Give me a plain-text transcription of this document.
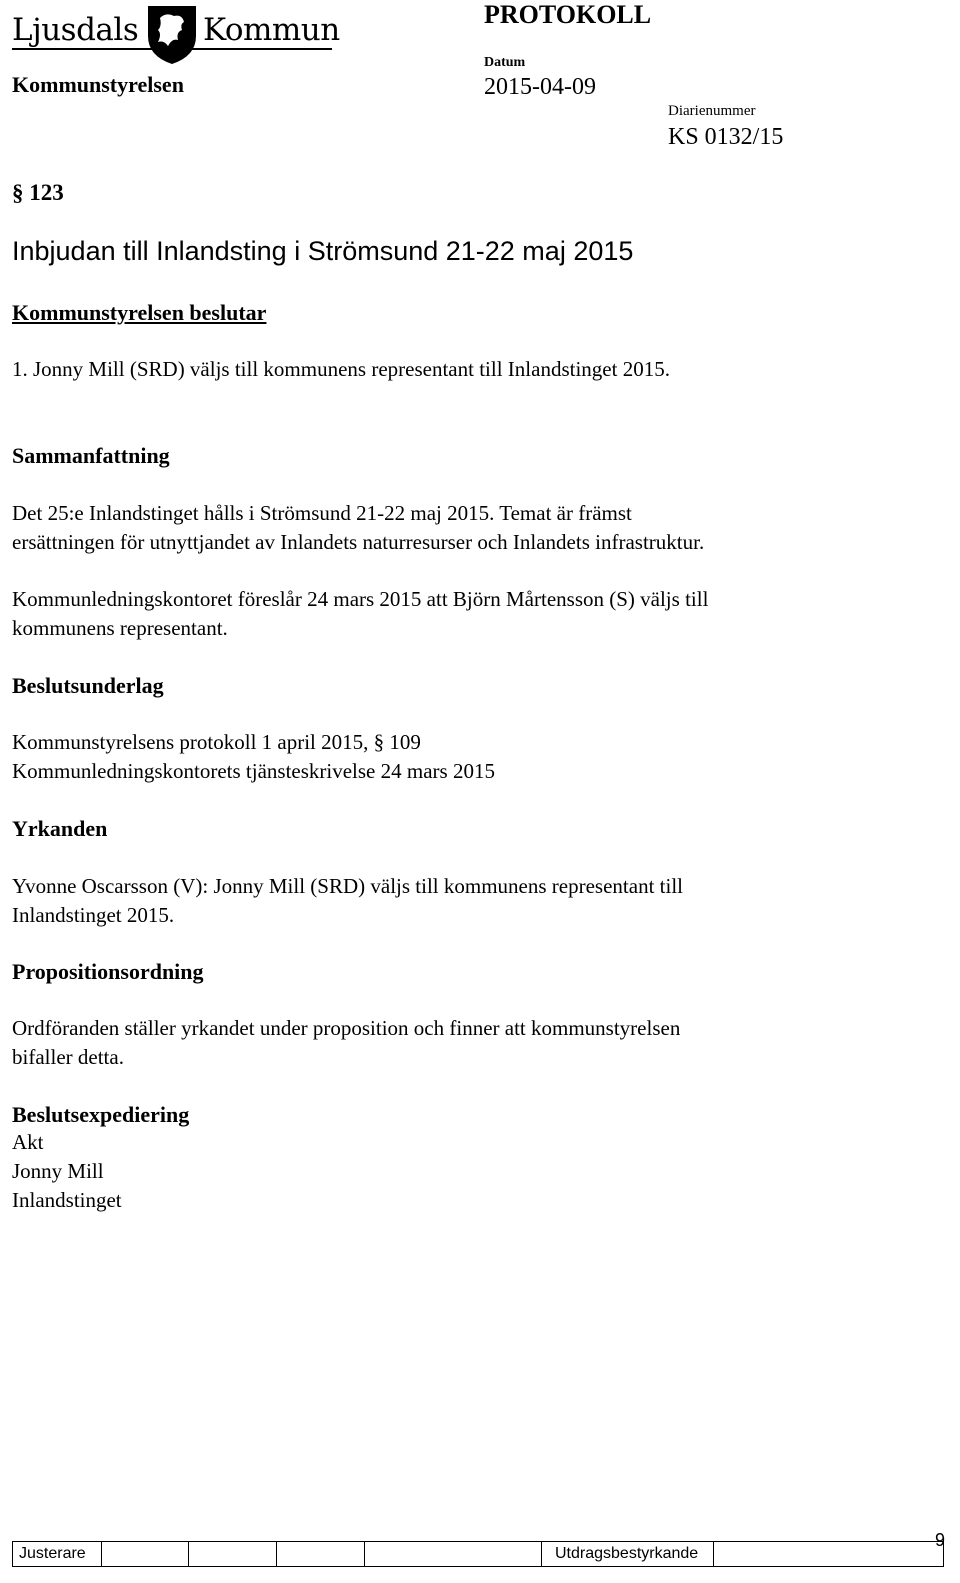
Ljusdals Kommun	PROTOKOLL
Kommunstyrelsen
Datum
2015-04-09
Diarienummer
KS 0132/15
§ 123
Inbjudan till Inlandsting i Strömsund 21-22 maj 2015
Kommunstyrelsen beslutar
1. Jonny Mill (SRD) väljs till kommunens representant till Inlandstinget 2015.
Sammanfattning
Det 25:e Inlandstinget hålls i Strömsund 21-22 maj 2015. Temat är främst
ersättningen för utnyttjandet av Inlandets naturresurser och Inlandets infrastruktur.
Kommunledningskontoret föreslår 24 mars 2015 att Björn Mårtensson (S) väljs till
kommunens representant.
Beslutsunderlag
Kommunstyrelsens protokoll 1 april 2015, § 109
Kommunledningskontorets tjänsteskrivelse 24 mars 2015
Yrkanden
Yvonne Oscarsson (V): Jonny Mill (SRD) väljs till kommunens representant till
Inlandstinget 2015.
Propositionsordning
Ordföranden ställer yrkandet under proposition och finner att kommunstyrelsen
bifaller detta.
Beslutsexpediering
Akt
Jonny Mill
Inlandstinget
Justerare	Utdragsbestyrkande
9
